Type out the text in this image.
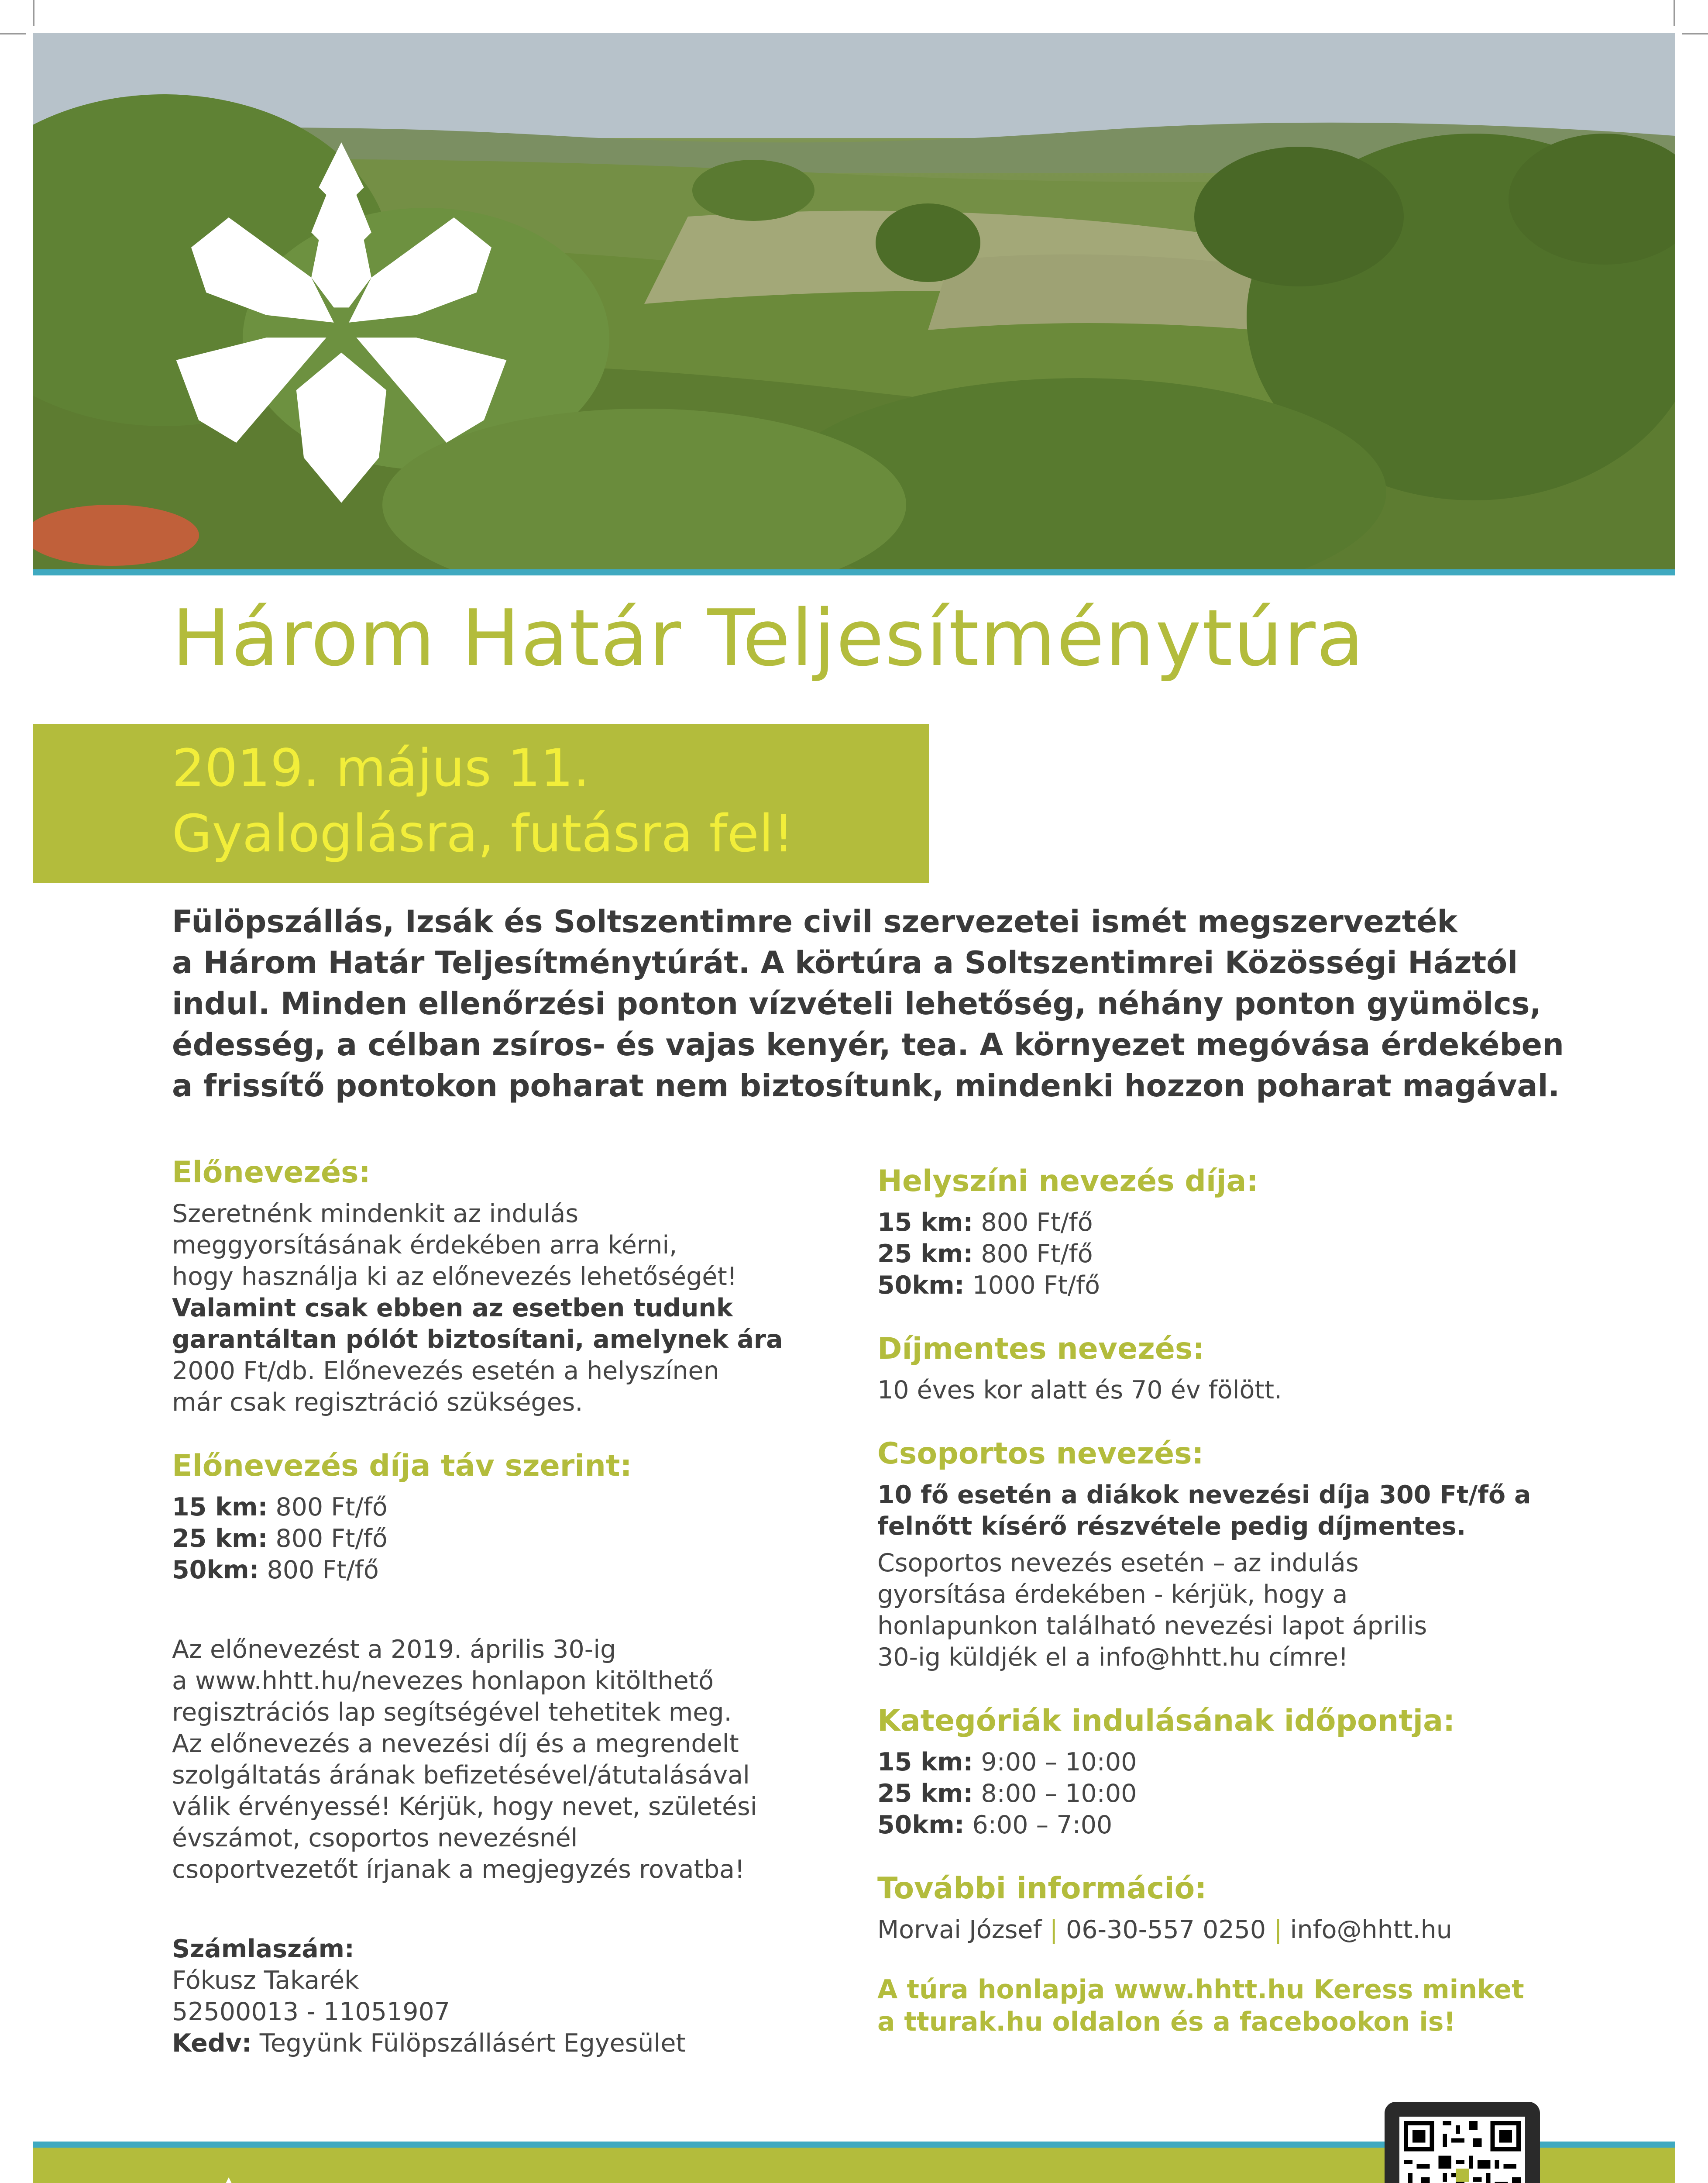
Három Határ Teljesítménytúra
2019. május 11.
Gyaloglásra, futásra fel!

Fülöpszállás, Izsák és Soltszentimre civil szervezetei ismét megszervezték

a Három Határ Teljesítménytúrát. A körtúra a Soltszentimrei Közösségi Háztól

indul. Minden ellenőrzési ponton vízvételi lehetőség, néhány ponton gyümölcs,

édesség, a célban zsíros- és vajas kenyér, tea. A környezet megóvása érdekében

a frissítő pontokon poharat nem biztosítunk, mindenki hozzon poharat magával.

Előnevezés:
Szeretnénk mindenkit az indulás
meggyorsításának érdekében arra kérni,
hogy használja ki az előnevezés lehetőségét!
Valamint csak ebben az esetben tudunk
garantáltan pólót biztosítani, amelynek ára
2000 Ft/db. Előnevezés esetén a helyszínen
már csak regisztráció szükséges.
Előnevezés díja táv szerint:
15 km: 800 Ft/fő
25 km: 800 Ft/fő
50km: 800 Ft/fő
Az előnevezést a 2019. április 30-ig
a www.hhtt.hu/nevezes honlapon kitölthető
regisztrációs lap segítségével tehetitek meg.
Az előnevezés a nevezési díj és a megrendelt
szolgáltatás árának befizetésével/átutalásával
válik érvényessé! Kérjük, hogy nevet, születési
évszámot, csoportos nevezésnél
csoportvezetőt írjanak a megjegyzés rovatba!
Számlaszám:
Fókusz Takarék
52500013 - 11051907
Kedv: Tegyünk Fülöpszállásért Egyesület
Helyszíni nevezés díja:
15 km: 800 Ft/fő
25 km: 800 Ft/fő
50km: 1000 Ft/fő
Díjmentes nevezés:
10 éves kor alatt és 70 év fölött.
Csoportos nevezés:
10 fő esetén a diákok nevezési díja 300 Ft/fő a
felnőtt kísérő részvétele pedig díjmentes.
Csoportos nevezés esetén – az indulás
gyorsítása érdekében - kérjük, hogy a
honlapunkon található nevezési lapot április
30-ig küldjék el a info@hhtt.hu címre!
Kategóriák indulásának időpontja:
15 km: 9:00 – 10:00
25 km: 8:00 – 10:00
50km: 6:00 – 7:00
További információ:
Morvai József | 06-30-557 0250 | info@hhtt.hu
A túra honlapja www.hhtt.hu Keress minket
a tturak.hu oldalon és a facebookon is!
